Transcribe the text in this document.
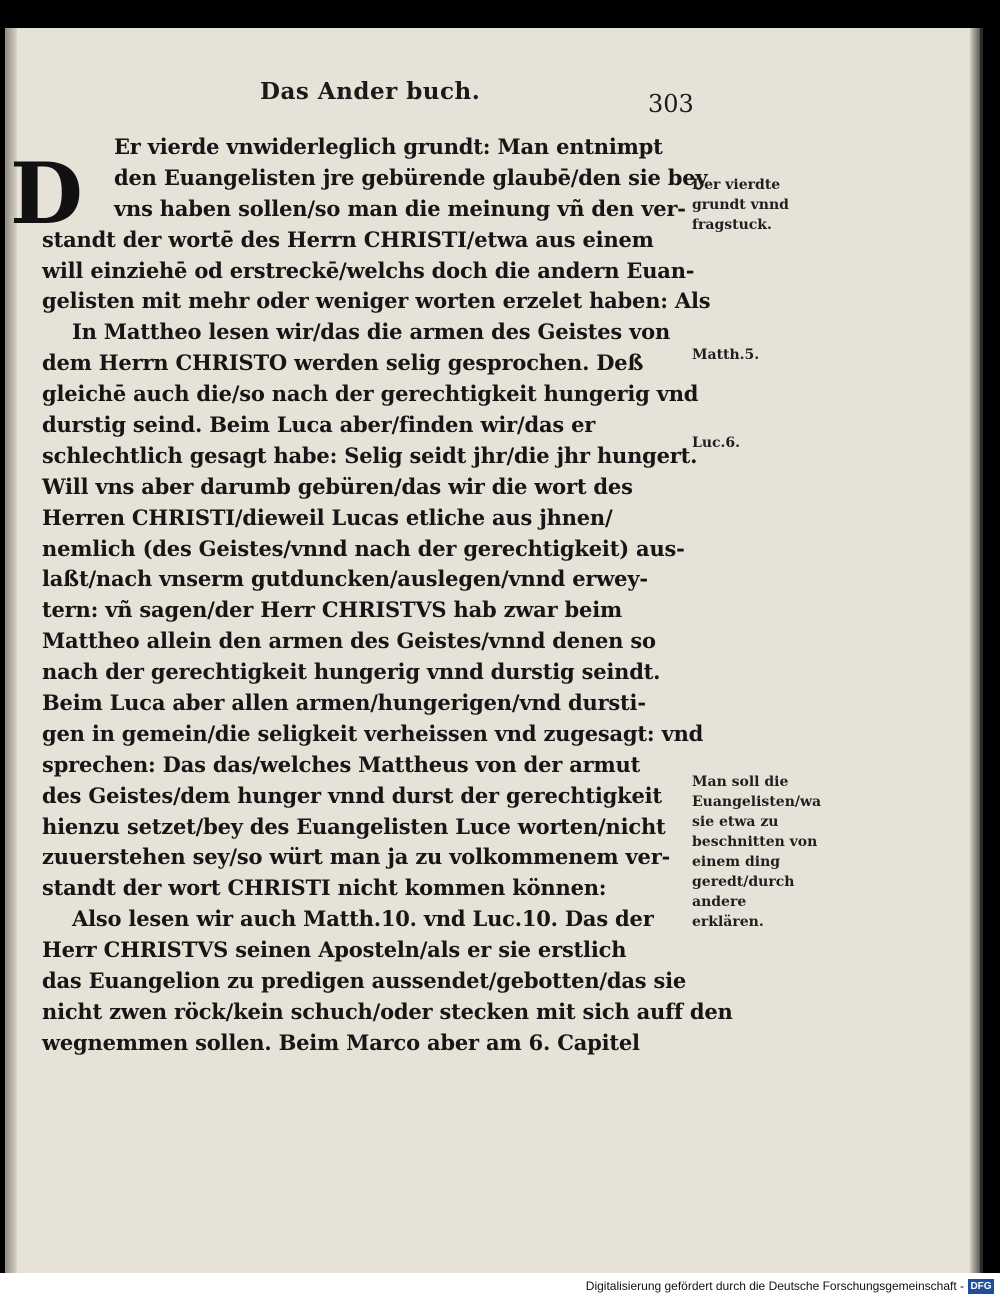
Das Ander buch.	303
D	Er vierde vnwiderleglich grundt: Man entnimpt
den Euangelisten jre gebürende glaubē/den sie bey
vns haben sollen/so man die meinung vñ den ver-
standt der wortē des Herrn CHRISTI/etwa aus einem
will einziehē od erstreckē/welchs doch die andern Euan-
gelisten mit mehr oder weniger worten erzelet haben: Als
In Mattheo lesen wir/das die armen des Geistes von
dem Herrn CHRISTO werden selig gesprochen. Deß
gleichē auch die/so nach der gerechtigkeit hungerig vnd
durstig seind. Beim Luca aber/finden wir/das er
schlechtlich gesagt habe: Selig seidt jhr/die jhr hungert.
Will vns aber darumb gebüren/das wir die wort des
Herren CHRISTI/dieweil Lucas etliche aus jhnen/
nemlich (des Geistes/vnnd nach der gerechtigkeit) aus-
laßt/nach vnserm gutduncken/auslegen/vnnd erwey-
tern: vñ sagen/der Herr CHRISTVS hab zwar beim
Mattheo allein den armen des Geistes/vnnd denen so
nach der gerechtigkeit hungerig vnnd durstig seindt.
Beim Luca aber allen armen/hungerigen/vnd dursti-
gen in gemein/die seligkeit verheissen vnd zugesagt: vnd
sprechen: Das das/welches Mattheus von der armut
des Geistes/dem hunger vnnd durst der gerechtigkeit
hienzu setzet/bey des Euangelisten Luce worten/nicht
zuuerstehen sey/so würt man ja zu volkommenem ver-
standt der wort CHRISTI nicht kommen können:
Also lesen wir auch Matth.10. vnd Luc.10. Das der
Herr CHRISTVS seinen Aposteln/als er sie erstlich
das Euangelion zu predigen aussendet/gebotten/das sie
nicht zwen röck/kein schuch/oder stecken mit sich auff den
wegnemmen sollen. Beim Marco aber am 6. Capitel
Der vierdte grundt vnnd fragstuck.
Matth.5.
Luc.6.
Man soll die Euangelisten/wa sie etwa zu beschnitten von einem ding geredt/durch andere erklären.
Digitalisierung gefördert durch die Deutsche Forschungsgemeinschaft - DFG
